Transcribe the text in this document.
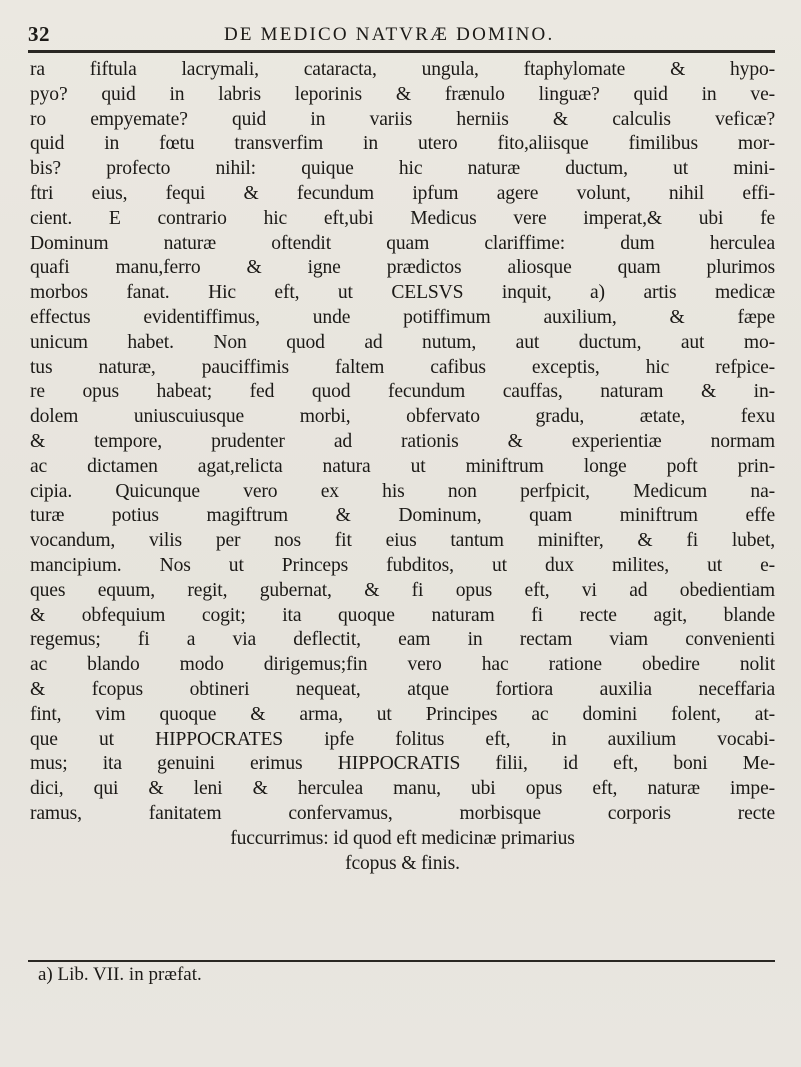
32	DE MEDICO NATVRÆ DOMINO.
ra fiftula lacrymali, cataracta, ungula, ftaphylomate & hypo-
pyo? quid in labris leporinis & frænulo linguæ? quid in ve-
ro empyemate? quid in variis herniis & calculis veficæ?
quid in fœtu transverfim in utero fito,aliisque fimilibus mor-
bis? profecto nihil: quique hic naturæ ductum, ut mini-
ftri eius, fequi & fecundum ipfum agere volunt, nihil effi-
cient. E contrario hic eft,ubi Medicus vere imperat,& ubi fe
Dominum naturæ oftendit quam clariffime: dum herculea
quafi manu,ferro & igne prædictos aliosque quam plurimos
morbos fanat. Hic eft, ut CELSVS inquit, a) artis medicæ
effectus evidentiffimus, unde potiffimum auxilium, & fæpe
unicum habet. Non quod ad nutum, aut ductum, aut mo-
tus naturæ, pauciffimis faltem cafibus exceptis, hic refpice-
re opus habeat; fed quod fecundum cauffas, naturam & in-
dolem uniuscuiusque morbi, obfervato gradu, ætate, fexu
& tempore, prudenter ad rationis & experientiæ normam
ac dictamen agat,relicta natura ut miniftrum longe poft prin-
cipia. Quicunque vero ex his non perfpicit, Medicum na-
turæ potius magiftrum & Dominum, quam miniftrum effe
vocandum, vilis per nos fit eius tantum minifter, & fi lubet,
mancipium. Nos ut Princeps fubditos, ut dux milites, ut e-
ques equum, regit, gubernat, & fi opus eft, vi ad obedientiam
& obfequium cogit; ita quoque naturam fi recte agit, blande
regemus; fi a via deflectit, eam in rectam viam convenienti
ac blando modo dirigemus;fin vero hac ratione obedire nolit
& fcopus obtineri nequeat, atque fortiora auxilia neceffaria
fint, vim quoque & arma, ut Principes ac domini folent, at-
que ut HIPPOCRATES ipfe folitus eft, in auxilium vocabi-
mus; ita genuini erimus HIPPOCRATIS filii, id eft, boni Me-
dici, qui & leni & herculea manu, ubi opus eft, naturæ impe-
ramus, fanitatem confervamus, morbisque corporis recte
fuccurrimus: id quod eft medicinæ primarius
fcopus & finis.
a) Lib. VII. in præfat.
